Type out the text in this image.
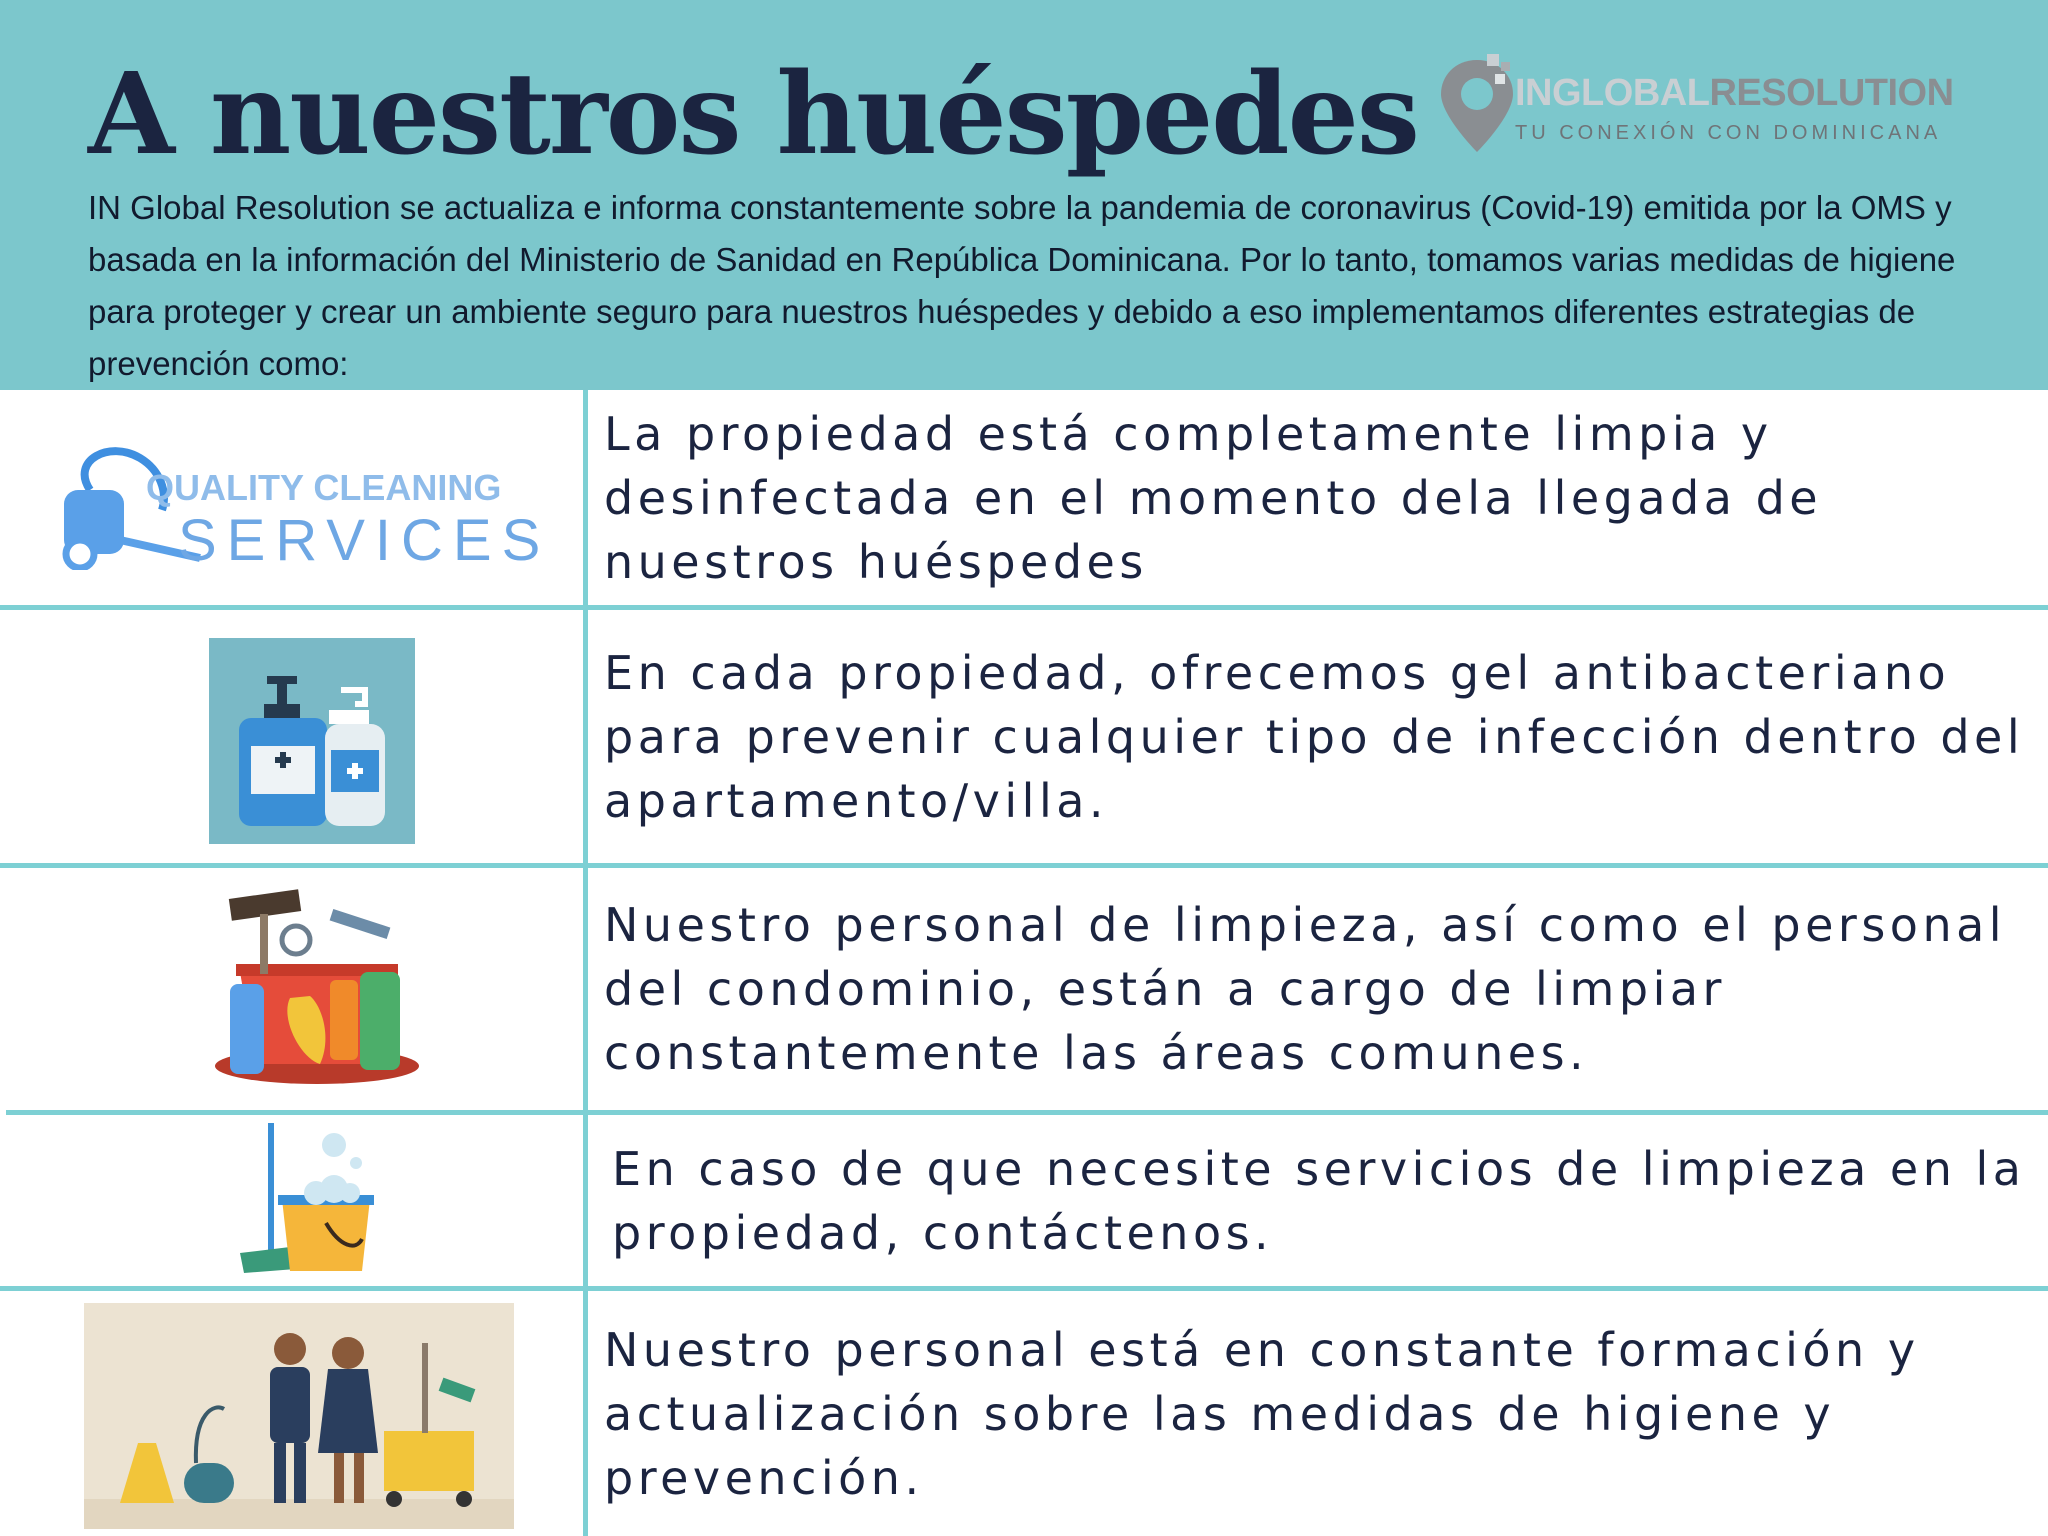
A nuestros huéspedes	INGLOBALRESOLUTION
TU CONEXIÓN CON DOMINICANA

IN Global Resolution se actualiza e informa constantemente sobre la pandemia de coronavirus (Covid-19) emitida por la OMS y basada en la información del Ministerio de Sanidad en República Dominicana. Por lo tanto, tomamos varias medidas de higiene para proteger y crear un ambiente seguro para nuestros huéspedes y debido a eso implementamos diferentes estrategias de prevención como:

QUALITY CLEANING
SERVICES

La propiedad está completamente limpia y desinfectada en el momento dela llegada de nuestros huéspedes

En cada propiedad, ofrecemos gel antibacteriano para prevenir cualquier tipo de infección dentro del apartamento/villa.

Nuestro personal de limpieza, así como el personal del condominio, están a cargo de limpiar constantemente las áreas comunes.

En caso de que necesite servicios de limpieza en la propiedad, contáctenos.

Nuestro personal está en constante formación y actualización sobre las medidas de higiene y prevención.
